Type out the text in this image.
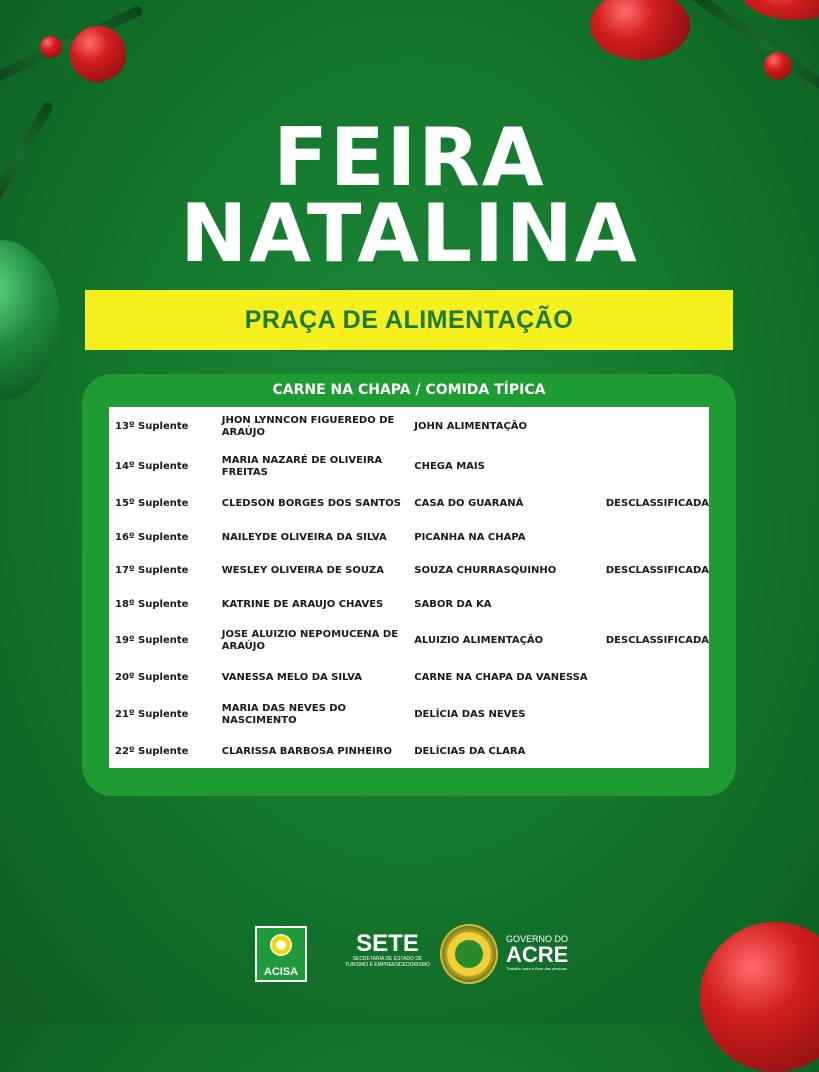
FEIRA
NATALINA
PRAÇA DE ALIMENTAÇÃO
CARNE NA CHAPA / COMIDA TÍPICA
13º Suplente	JHON LYNNCON FIGUEREDO DE ARAÚJO	JOHN ALIMENTAÇÃO	
14º Suplente	MARIA NAZARÉ DE OLIVEIRA FREITAS	CHEGA MAIS	
15º Suplente	CLEDSON BORGES DOS SANTOS	CASA DO GUARANÁ	DESCLASSIFICADA
16º Suplente	NAILEYDE OLIVEIRA DA SILVA	PICANHA NA CHAPA	
17º Suplente	WESLEY OLIVEIRA DE SOUZA	SOUZA CHURRASQUINHO	DESCLASSIFICADA
18º Suplente	KATRINE DE ARAUJO CHAVES	SABOR DA KA	
19º Suplente	JOSE ALUIZIO NEPOMUCENA DE ARAÚJO	ALUIZIO ALIMENTAÇÃO	DESCLASSIFICADA
20º Suplente	VANESSA MELO DA SILVA	CARNE NA CHAPA DA VANESSA	
21º Suplente	MARIA DAS NEVES DO NASCIMENTO	DELÍCIA DAS NEVES	
22º Suplente	CLARISSA BARBOSA PINHEIRO	DELÍCIAS DA CLARA	
ACISA
SETE
SECRETARIA DE ESTADO DE TURISMO E EMPREENDEDORISMO
GOVERNO DO
ACRE
Trabalho para o Acre das pessoas
